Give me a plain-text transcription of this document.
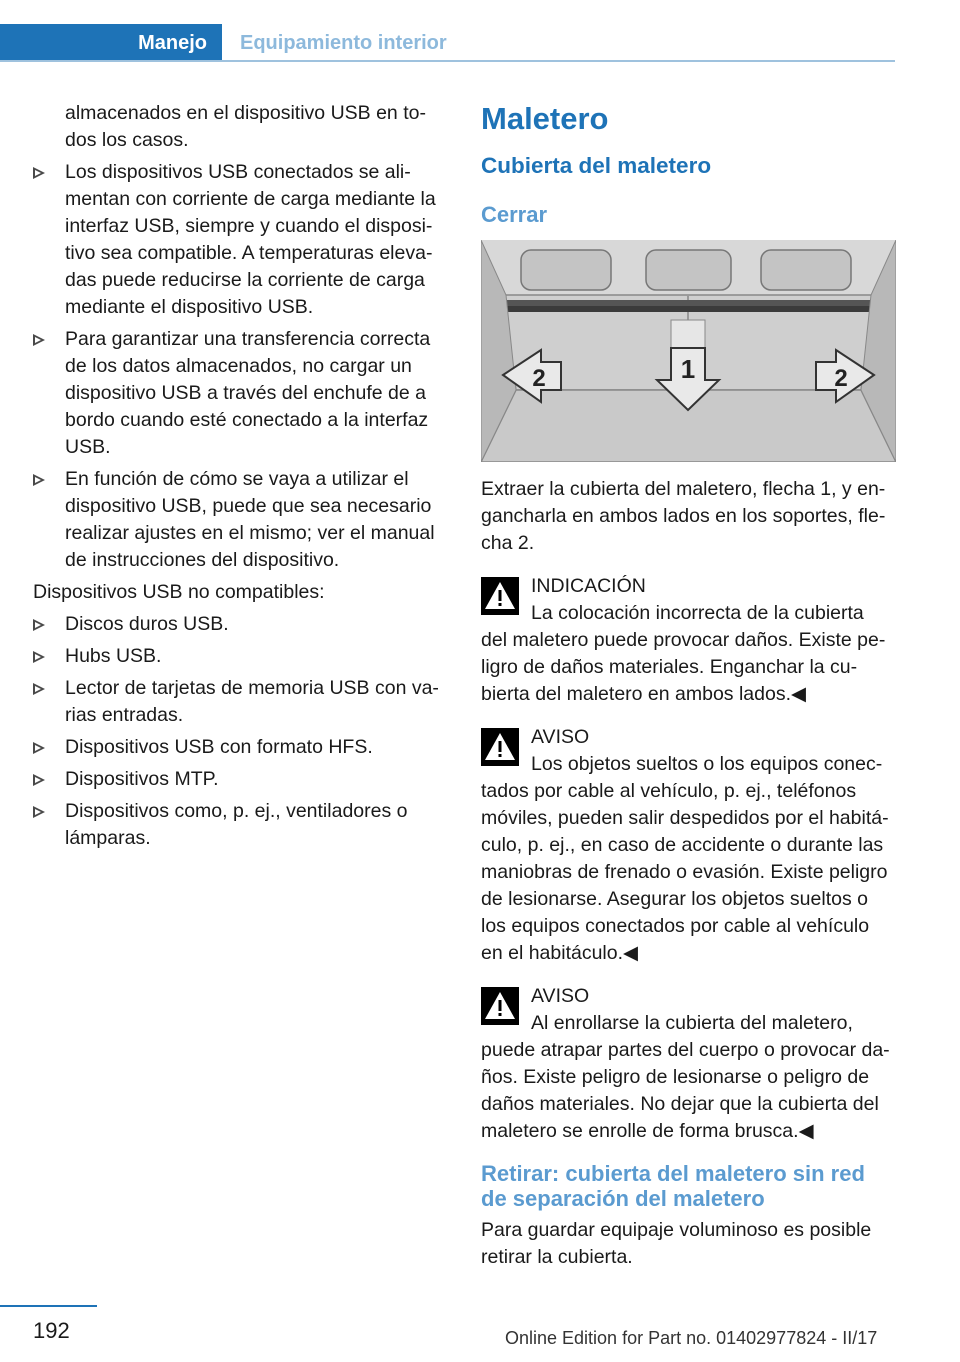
Manejo	Equipamiento interior
almacenados en el dispositivo USB en to‐ dos los casos.
Los dispositivos USB conectados se ali‐ mentan con corriente de carga mediante la interfaz USB, siempre y cuando el disposi‐ tivo sea compatible. A temperaturas eleva‐ das puede reducirse la corriente de carga mediante el dispositivo USB.
Para garantizar una transferencia correcta de los datos almacenados, no cargar un dispositivo USB a través del enchufe de a bordo cuando esté conectado a la interfaz USB.
En función de cómo se vaya a utilizar el dispositivo USB, puede que sea necesario realizar ajustes en el mismo; ver el manual de instrucciones del dispositivo.
Dispositivos USB no compatibles:
Discos duros USB.
Hubs USB.
Lector de tarjetas de memoria USB con va‐ rias entradas.
Dispositivos USB con formato HFS.
Dispositivos MTP.
Dispositivos como, p. ej., ventiladores o lámparas.
Maletero
Cubierta del maletero
Cerrar
1
2	2
Extraer la cubierta del maletero, flecha 1, y en‐ gancharla en ambos lados en los soportes, fle‐ cha 2.
INDICACIÓN
La colocación incorrecta de la cubierta
del maletero puede provocar daños. Existe pe‐ ligro de daños materiales. Enganchar la cu‐ bierta del maletero en ambos lados.◀
AVISO
Los objetos sueltos o los equipos conec‐
tados por cable al vehículo, p. ej., teléfonos móviles, pueden salir despedidos por el habitá‐ culo, p. ej., en caso de accidente o durante las maniobras de frenado o evasión. Existe peligro de lesionarse. Asegurar los objetos sueltos o los equipos conectados por cable al vehículo en el habitáculo.◀
AVISO
Al enrollarse la cubierta del maletero,
puede atrapar partes del cuerpo o provocar da‐ ños. Existe peligro de lesionarse o peligro de daños materiales. No dejar que la cubierta del maletero se enrolle de forma brusca.◀
Retirar: cubierta del maletero sin red de separación del maletero
Para guardar equipaje voluminoso es posible retirar la cubierta.
192	Online Edition for Part no. 01402977824 - II/17
